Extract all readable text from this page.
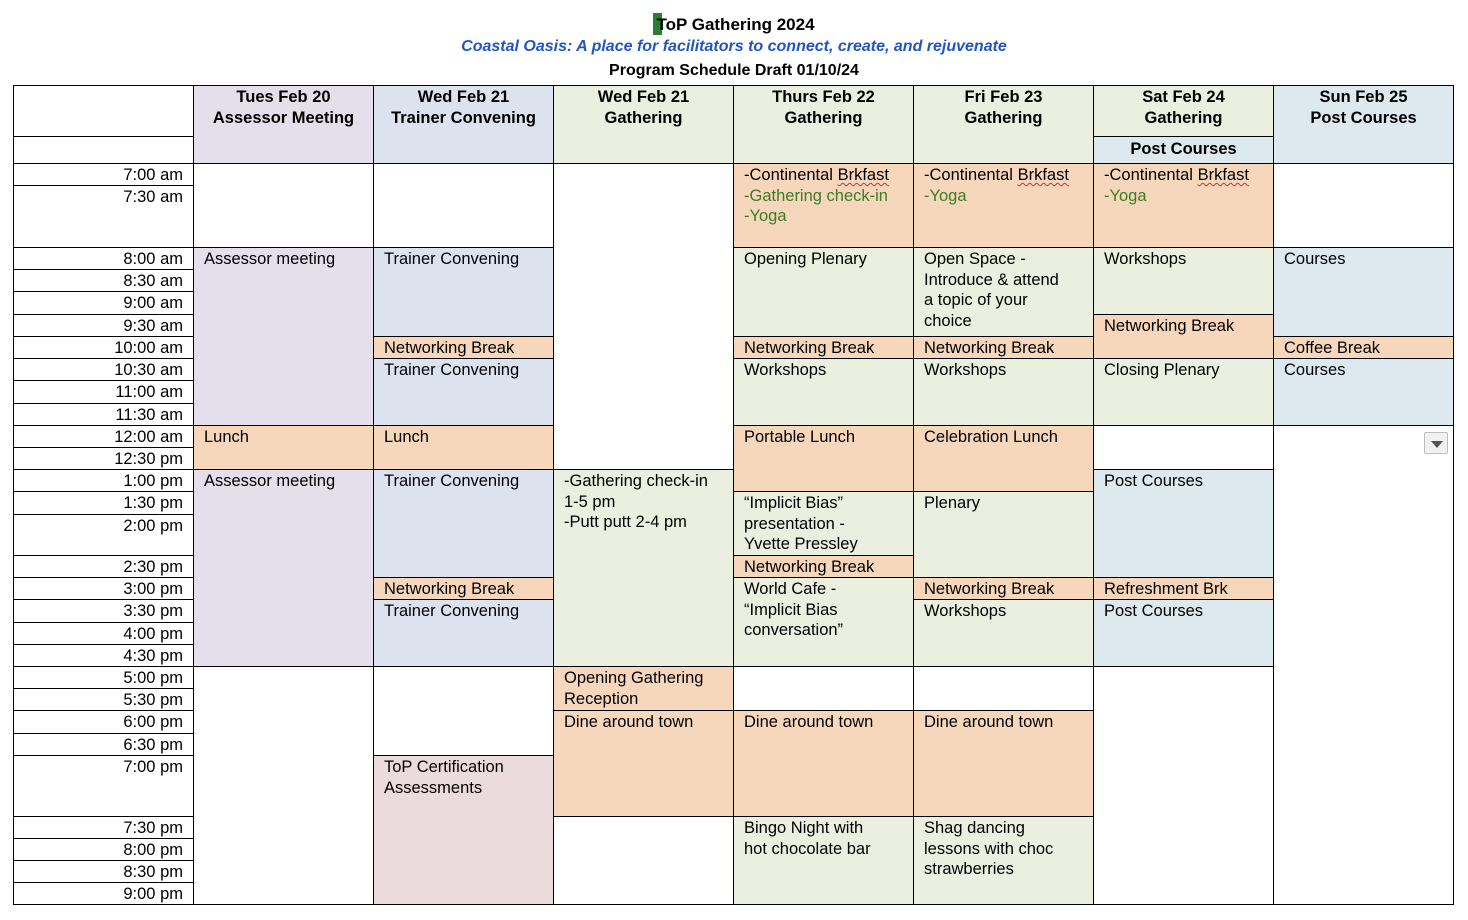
ToP Gathering 2024
Coastal Oasis: A place for facilitators to connect, create, and rejuvenate
Program Schedule Draft 01/10/24
Tues Feb 20
Assessor Meeting
Wed Feb 21
Trainer Convening
Wed Feb 21
Gathering
Thurs Feb 22
Gathering
Fri Feb 23
Gathering
Sat Feb 24
Gathering
Post Courses
Sun Feb 25
Post Courses
7:00 am
7:30 am
8:00 am
8:30 am
9:00 am
9:30 am
10:00 am
10:30 am
11:00 am
11:30 am
12:00 am
12:30 pm
1:00 pm
1:30 pm
2:00 pm
2:30 pm
3:00 pm
3:30 pm
4:00 pm
4:30 pm
5:00 pm
5:30 pm
6:00 pm
6:30 pm
7:00 pm
7:30 pm
8:00 pm
8:30 pm
9:00 pm
Assessor meeting
Lunch
Assessor meeting
Trainer Convening
Networking Break
Trainer Convening
Lunch
Trainer Convening
Networking Break
Trainer Convening
ToP Certification
Assessments
-Gathering check-in
1-5 pm
-Putt putt 2-4 pm
Opening Gathering
Reception
Dine around town
-Continental Brkfast
-Gathering check-in
-Yoga
Opening Plenary
Networking Break
Workshops
Portable Lunch
“Implicit Bias”
presentation -
Yvette Pressley
Networking Break
World Cafe -
“Implicit Bias
conversation”
Dine around town
Bingo Night with
hot chocolate bar
-Continental Brkfast
-Yoga
Open Space -
Introduce & attend
a topic of your
choice
Networking Break
Workshops
Celebration Lunch
Plenary
Networking Break
Workshops
Dine around town
Shag dancing
lessons with choc
strawberries
-Continental Brkfast
-Yoga
Workshops
Networking Break
Closing Plenary
Post Courses
Refreshment Brk
Post Courses
Courses
Coffee Break
Courses
